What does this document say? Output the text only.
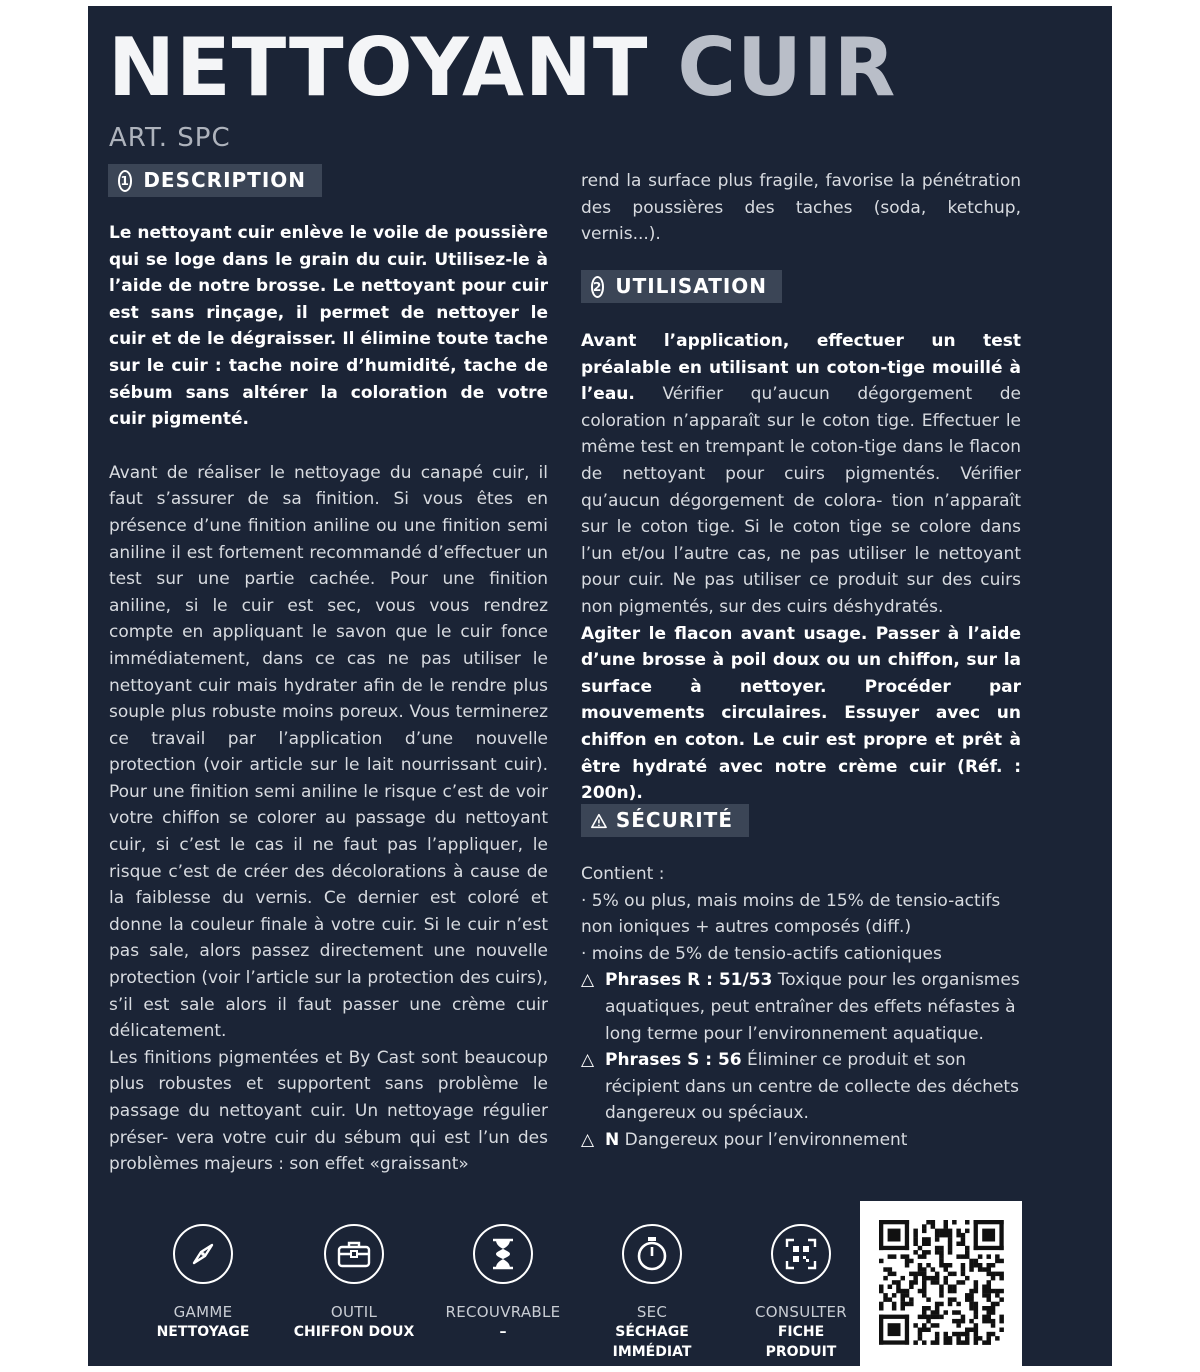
NETTOYANT CUIR
ART. SPC
1 DESCRIPTION

Le nettoyant cuir enlève le voile de poussière qui se loge dans le grain du cuir. Utilisez-le à l’aide de notre brosse. Le nettoyant pour cuir est sans rinçage, il permet de nettoyer le cuir et de le dégraisser. Il élimine toute tache sur le cuir : tache noire d’humidité, tache de sébum sans altérer la coloration de votre cuir pigmenté.

Avant de réaliser le nettoyage du canapé cuir, il faut s’assurer de sa finition. Si vous êtes en présence d’une finition aniline ou une finition semi aniline il est fortement recommandé d’effectuer un test sur une partie cachée. Pour une finition aniline, si le cuir est sec, vous vous rendrez compte en appliquant le savon que le cuir fonce immédiatement, dans ce cas ne pas utiliser le nettoyant cuir mais hydrater afin de le rendre plus souple plus robuste moins poreux. Vous terminerez ce travail par l’application d’une nouvelle protection (voir article sur le lait nourrissant cuir). Pour une finition semi aniline le risque c’est de voir votre chiffon se colorer au passage du nettoyant cuir, si c’est le cas il ne faut pas l’appliquer, le risque c’est de créer des décolorations à cause de la faiblesse du vernis. Ce dernier est coloré et donne la couleur finale à votre cuir. Si le cuir n’est pas sale, alors passez directement une nouvelle protection (voir l’article sur la protection des cuirs), s’il est sale alors il faut passer une crème cuir délicatement.

Les finitions pigmentées et By Cast sont beaucoup plus robustes et supportent sans problème le passage du nettoyant cuir. Un nettoyage régulier préser- vera votre cuir du sébum qui est l’un des problèmes majeurs : son effet «graissant»

rend la surface plus fragile, favorise la pénétration des poussières des taches (soda, ketchup, vernis...).

2 UTILISATION

Avant l’application, effectuer un test préalable en utilisant un coton-tige mouillé à l’eau. Vérifier qu’aucun dégorgement de coloration n’apparaît sur le coton tige. Effectuer le même test en trempant le coton-tige dans le flacon de nettoyant pour cuirs pigmentés. Vérifier qu’aucun dégorgement de colora- tion n’apparaît sur le coton tige. Si le coton tige se colore dans l’un et/ou l’autre cas, ne pas utiliser le nettoyant pour cuir. Ne pas utiliser ce produit sur des cuirs non pigmentés, sur des cuirs déshydratés.

Agiter le flacon avant usage. Passer à l’aide d’une brosse à poil doux ou un chiffon, sur la surface à nettoyer. Procéder par mouvements circulaires. Essuyer avec un chiffon en coton. Le cuir est propre et prêt à être hydraté avec notre crème cuir (Réf. : 200n).

SÉCURITÉ

Contient :

· 5% ou plus, mais moins de 15% de tensio-actifs non ioniques + autres composés (diff.)

· moins de 5% de tensio-actifs cationiques

△ Phrases R : 51/53 Toxique pour les organismes aquatiques, peut entraîner des effets néfastes à long terme pour l’environnement aquatique.
△ Phrases S : 56 Éliminer ce produit et son récipient dans un centre de collecte des déchets dangereux ou spéciaux.
△ N Dangereux pour l’environnement
GAMME
NETTOYAGE
OUTIL
CHIFFON DOUX
RECOUVRABLE
–
SEC
SÉCHAGE
IMMÉDIAT
CONSULTER
FICHE
PRODUIT
